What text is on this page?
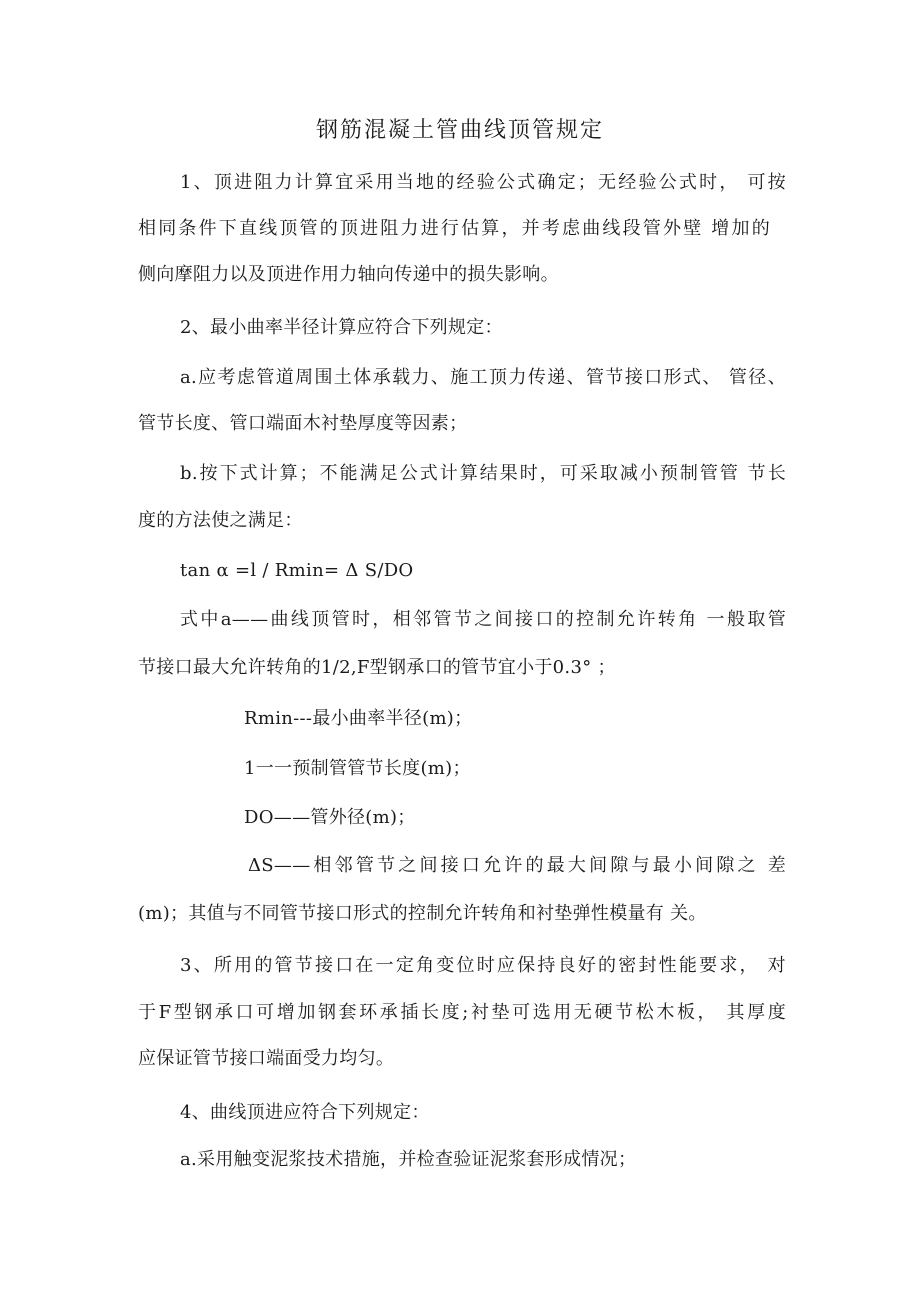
钢筋混凝土管曲线顶管规定
1、顶进阻力计算宜采用当地的经验公式确定；无经验公式时， 可按
相同条件下直线顶管的顶进阻力进行估算，并考虑曲线段管外壁 增加的
侧向摩阻力以及顶进作用力轴向传递中的损失影响。
2、最小曲率半径计算应符合下列规定：
a.应考虑管道周围土体承载力、施工顶力传递、管节接口形式、 管径、
管节长度、管口端面木衬垫厚度等因素；
b.按下式计算；不能满足公式计算结果时，可采取减小预制管管 节长
度的方法使之满足：
tan α =l / Rmin= Δ S/DO
式中a——曲线顶管时，相邻管节之间接口的控制允许转角 一般取管
节接口最大允许转角的1/2,F型钢承口的管节宜小于0.3° ；
Rmin---最小曲率半径(m)；
1一一预制管管节长度(m)；
DO——管外径(m)；
ΔS——相邻管节之间接口允许的最大间隙与最小间隙之 差
(m)；其值与不同管节接口形式的控制允许转角和衬垫弹性模量有 关。
3、所用的管节接口在一定角变位时应保持良好的密封性能要求， 对
于F型钢承口可增加钢套环承插长度;衬垫可选用无硬节松木板， 其厚度
应保证管节接口端面受力均匀。
4、曲线顶进应符合下列规定：
a.采用触变泥浆技术措施，并检查验证泥浆套形成情况；
